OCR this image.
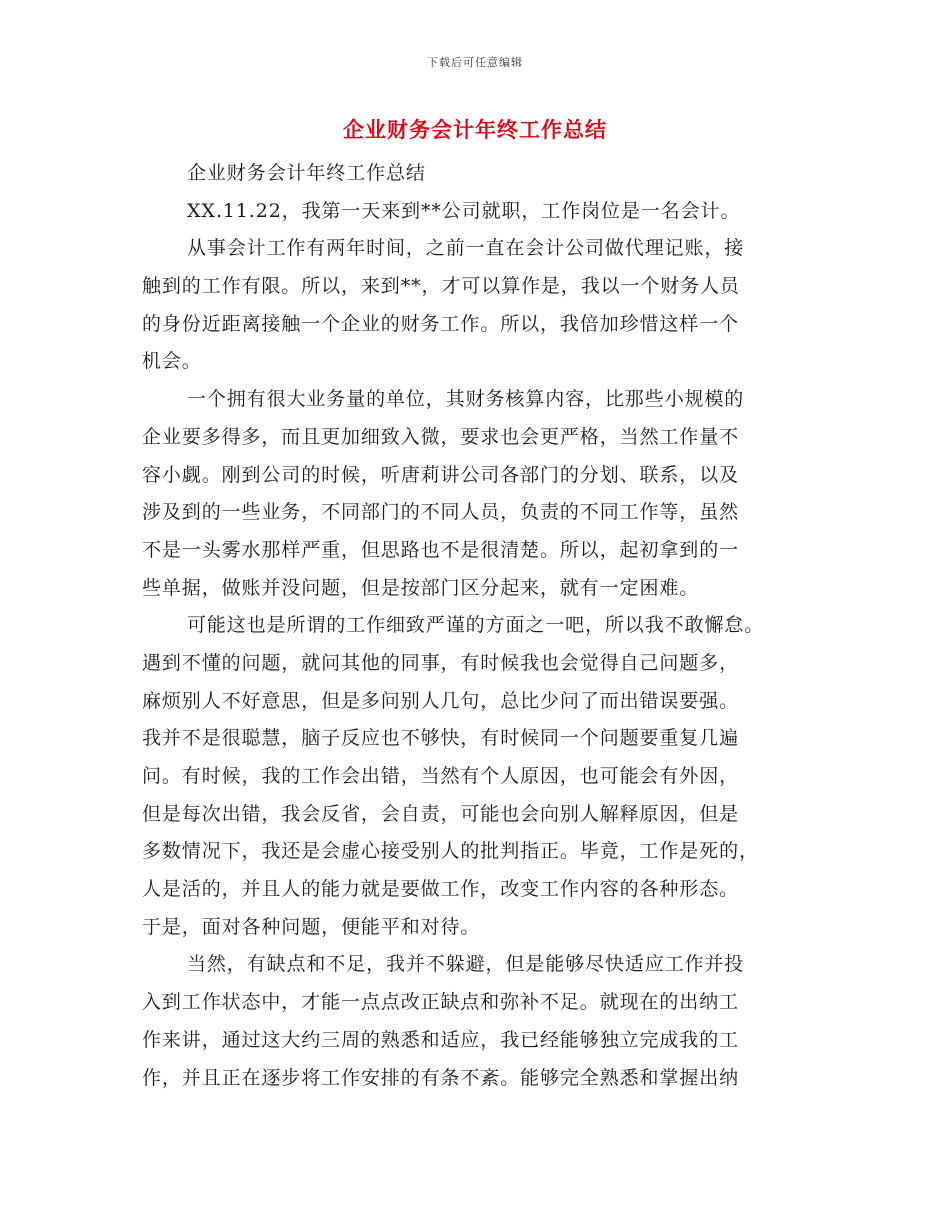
下载后可任意编辑
企业财务会计年终工作总结
企业财务会计年终工作总结
XX.11.22，我第一天来到**公司就职，工作岗位是一名会计。
从事会计工作有两年时间，之前一直在会计公司做代理记账，接
触到的工作有限。所以，来到**，才可以算作是，我以一个财务人员
的身份近距离接触一个企业的财务工作。所以，我倍加珍惜这样一个
机会。
一个拥有很大业务量的单位，其财务核算内容，比那些小规模的
企业要多得多，而且更加细致入微，要求也会更严格，当然工作量不
容小觑。刚到公司的时候，听唐莉讲公司各部门的分划、联系，以及
涉及到的一些业务，不同部门的不同人员，负责的不同工作等，虽然
不是一头雾水那样严重，但思路也不是很清楚。所以，起初拿到的一
些单据，做账并没问题，但是按部门区分起来，就有一定困难。
可能这也是所谓的工作细致严谨的方面之一吧，所以我不敢懈怠。
遇到不懂的问题，就问其他的同事，有时候我也会觉得自己问题多，
麻烦别人不好意思，但是多问别人几句，总比少问了而出错误要强。
我并不是很聪慧，脑子反应也不够快，有时候同一个问题要重复几遍
问。有时候，我的工作会出错，当然有个人原因，也可能会有外因，
但是每次出错，我会反省，会自责，可能也会向别人解释原因，但是
多数情况下，我还是会虚心接受别人的批判指正。毕竟，工作是死的，
人是活的，并且人的能力就是要做工作，改变工作内容的各种形态。
于是，面对各种问题，便能平和对待。
当然，有缺点和不足，我并不躲避，但是能够尽快适应工作并投
入到工作状态中，才能一点点改正缺点和弥补不足。就现在的出纳工
作来讲，通过这大约三周的熟悉和适应，我已经能够独立完成我的工
作，并且正在逐步将工作安排的有条不紊。能够完全熟悉和掌握出纳
